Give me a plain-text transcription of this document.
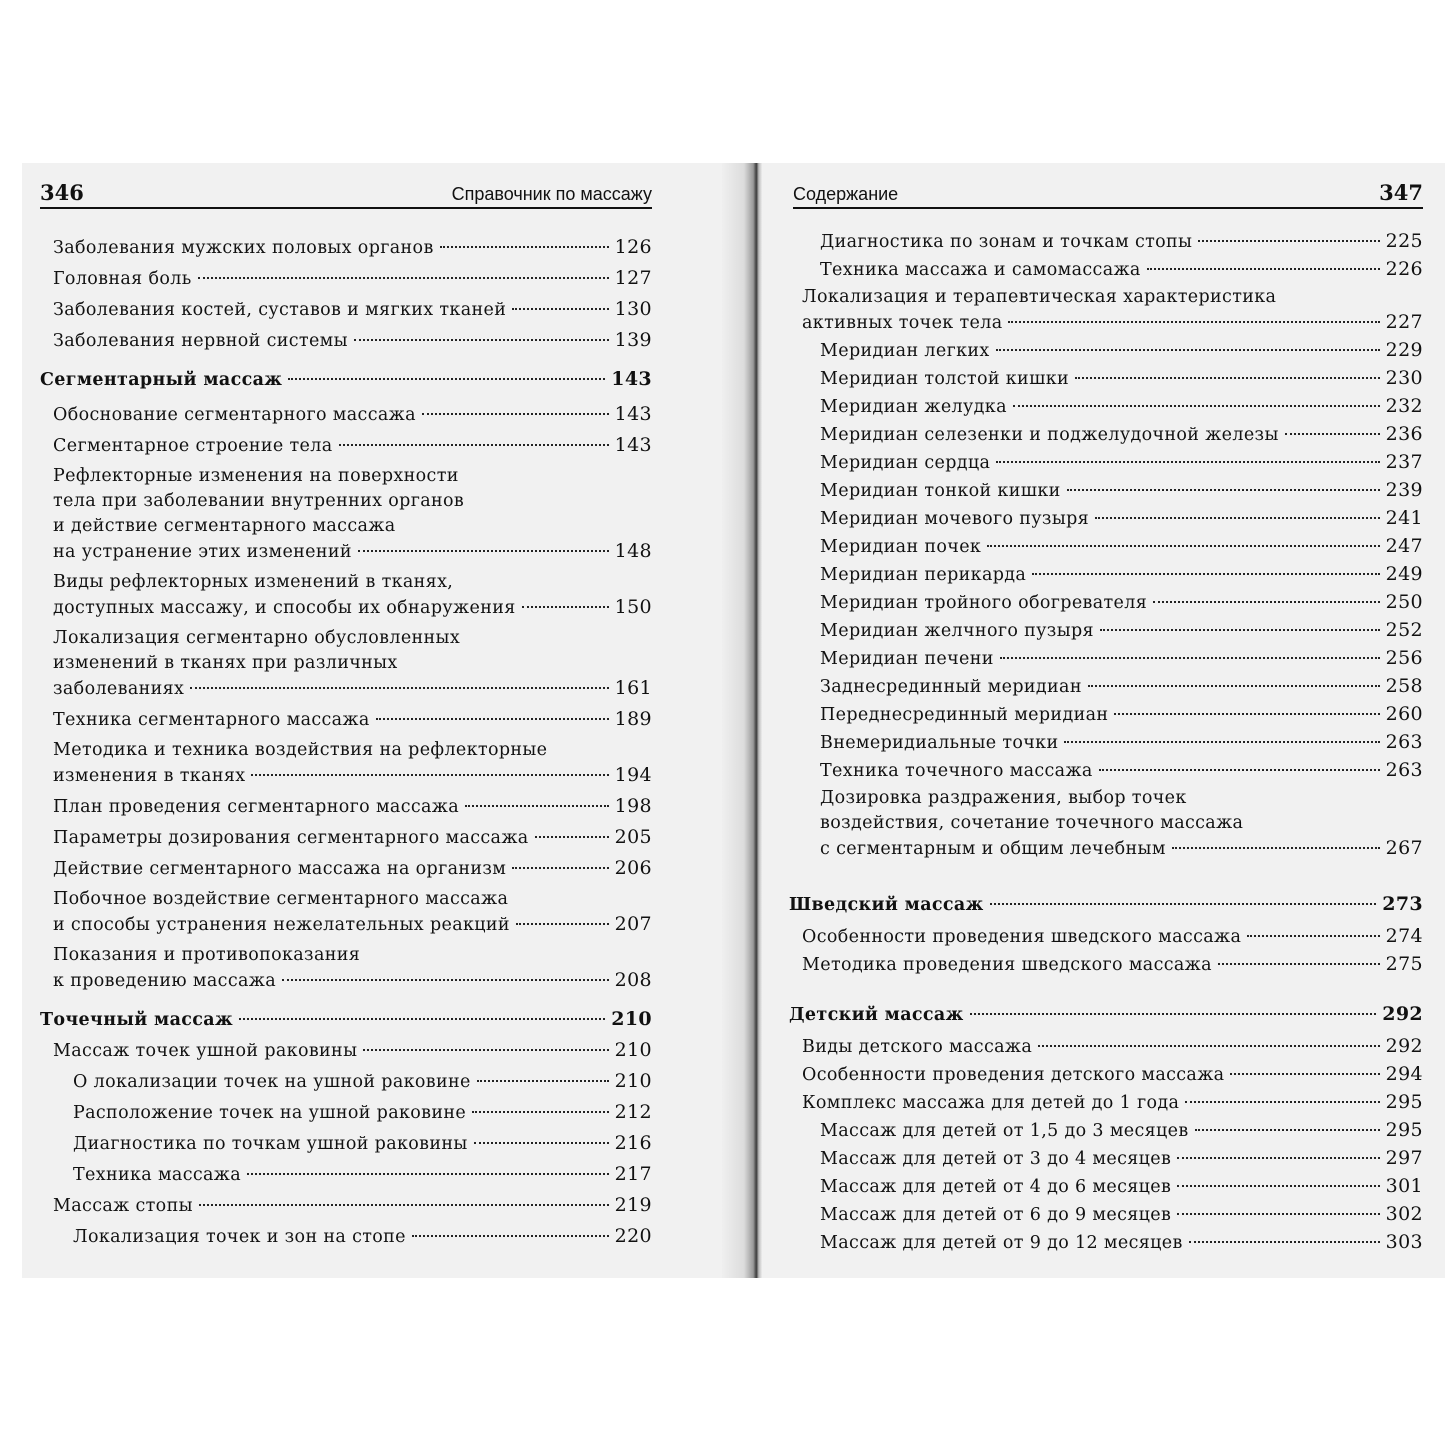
346	Справочник по массажу
Заболевания мужских половых органов	126
Головная боль	127
Заболевания костей, суставов и мягких тканей	130
Заболевания нервной системы	139
Сегментарный массаж	143
Обоснование сегментарного массажа	143
Сегментарное строение тела	143
Рефлекторные изменения на поверхности
тела при заболевании внутренних органов
и действие сегментарного массажа
на устранение этих изменений	148
Виды рефлекторных изменений в тканях,
доступных массажу, и способы их обнаружения	150
Локализация сегментарно обусловленных
изменений в тканях при различных
заболеваниях	161
Техника сегментарного массажа	189
Методика и техника воздействия на рефлекторные
изменения в тканях	194
План проведения сегментарного массажа	198
Параметры дозирования сегментарного массажа	205
Действие сегментарного массажа на организм	206
Побочное воздействие сегментарного массажа
и способы устранения нежелательных реакций	207
Показания и противопоказания
к проведению массажа	208
Точечный массаж	210
Массаж точек ушной раковины	210
О локализации точек на ушной раковине	210
Расположение точек на ушной раковине	212
Диагностика по точкам ушной раковины	216
Техника массажа	217
Массаж стопы	219
Локализация точек и зон на стопе	220
Содержание	347
Диагностика по зонам и точкам стопы	225
Техника массажа и самомассажа	226
Локализация и терапевтическая характеристика
активных точек тела	227
Меридиан легких	229
Меридиан толстой кишки	230
Меридиан желудка	232
Меридиан селезенки и поджелудочной железы	236
Меридиан сердца	237
Меридиан тонкой кишки	239
Меридиан мочевого пузыря	241
Меридиан почек	247
Меридиан перикарда	249
Меридиан тройного обогревателя	250
Меридиан желчного пузыря	252
Меридиан печени	256
Заднесрединный меридиан	258
Переднесрединный меридиан	260
Внемеридиальные точки	263
Техника точечного массажа	263
Дозировка раздражения, выбор точек
воздействия, сочетание точечного массажа
с сегментарным и общим лечебным	267
Шведский массаж	273
Особенности проведения шведского массажа	274
Методика проведения шведского массажа	275
Детский массаж	292
Виды детского массажа	292
Особенности проведения детского массажа	294
Комплекс массажа для детей до 1 года	295
Массаж для детей от 1,5 до 3 месяцев	295
Массаж для детей от 3 до 4 месяцев	297
Массаж для детей от 4 до 6 месяцев	301
Массаж для детей от 6 до 9 месяцев	302
Массаж для детей от 9 до 12 месяцев	303
